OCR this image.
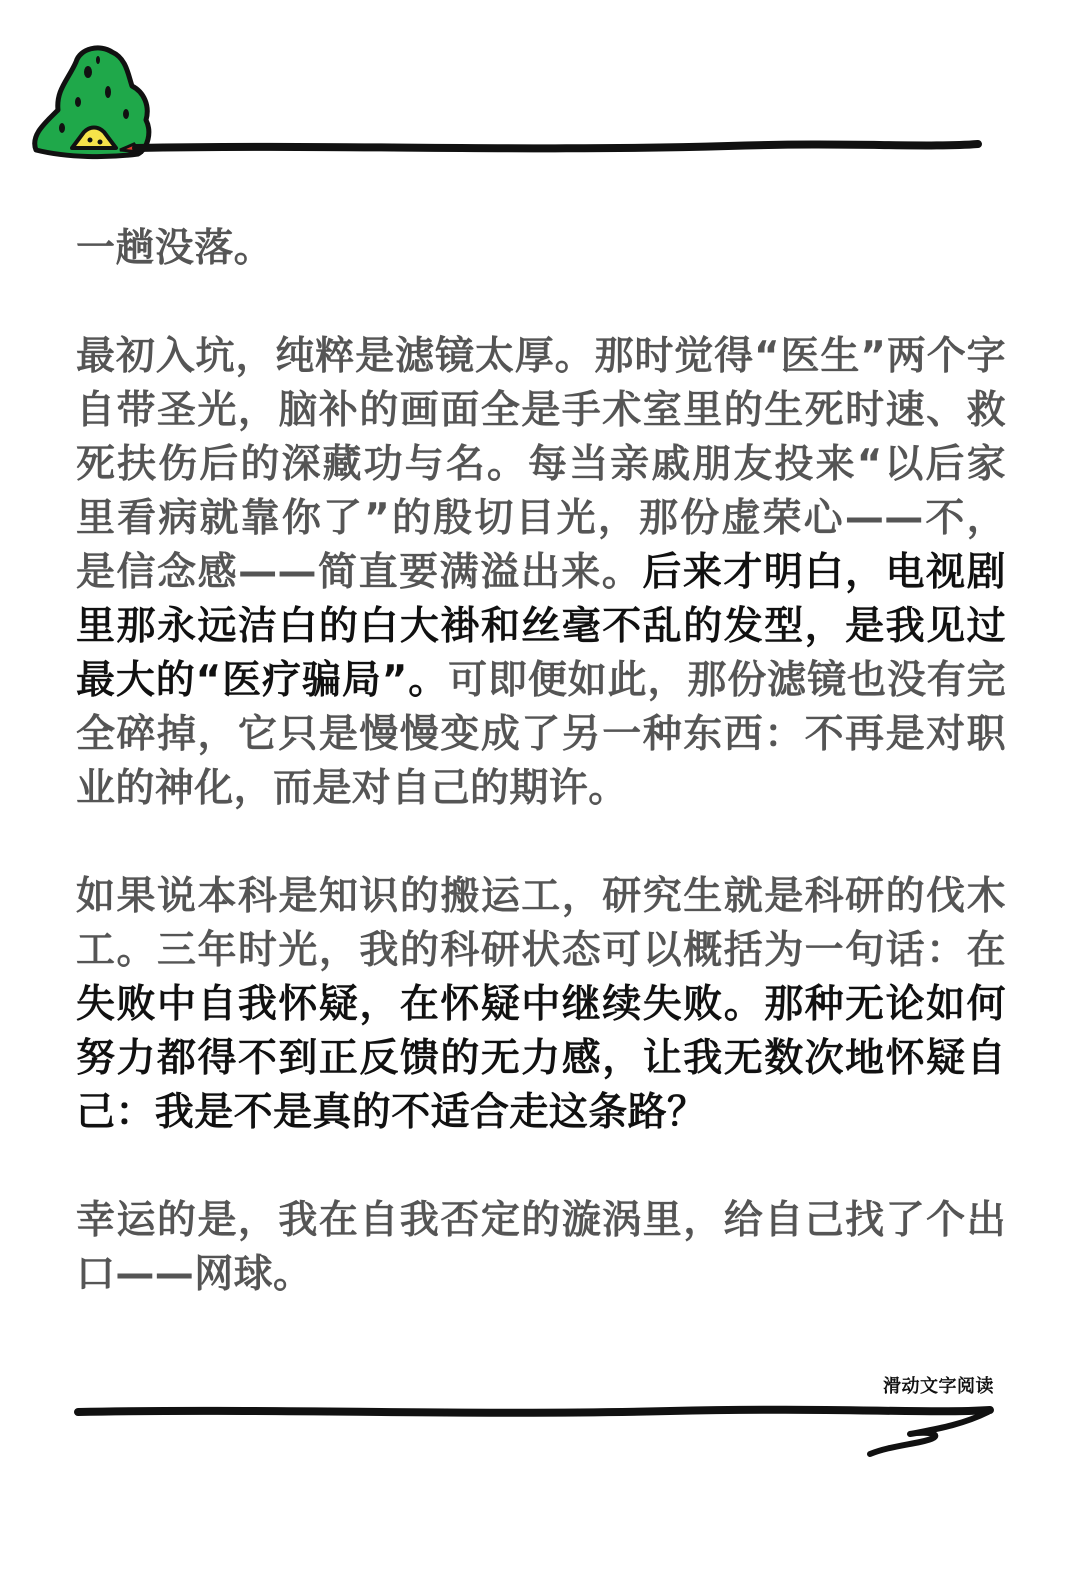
一趟没落。

最初入坑，纯粹是滤镜太厚。那时觉得“医生”两个字自带圣光，脑补的画面全是手术室里的生死时速、救死扶伤后的深藏功与名。每当亲戚朋友投来“以后家里看病就靠你了”的殷切目光，那份虚荣心——不，是信念感——简直要满溢出来。后来才明白，电视剧里那永远洁白的白大褂和丝毫不乱的发型，是我见过最大的“医疗骗局”。可即便如此，那份滤镜也没有完全碎掉，它只是慢慢变成了另一种东西：不再是对职业的神化，而是对自己的期许。

如果说本科是知识的搬运工，研究生就是科研的伐木工。三年时光，我的科研状态可以概括为一句话：在失败中自我怀疑，在怀疑中继续失败。那种无论如何努力都得不到正反馈的无力感，让我无数次地怀疑自己：我是不是真的不适合走这条路？

幸运的是，我在自我否定的漩涡里，给自己找了个出口——网球。

滑动文字阅读
